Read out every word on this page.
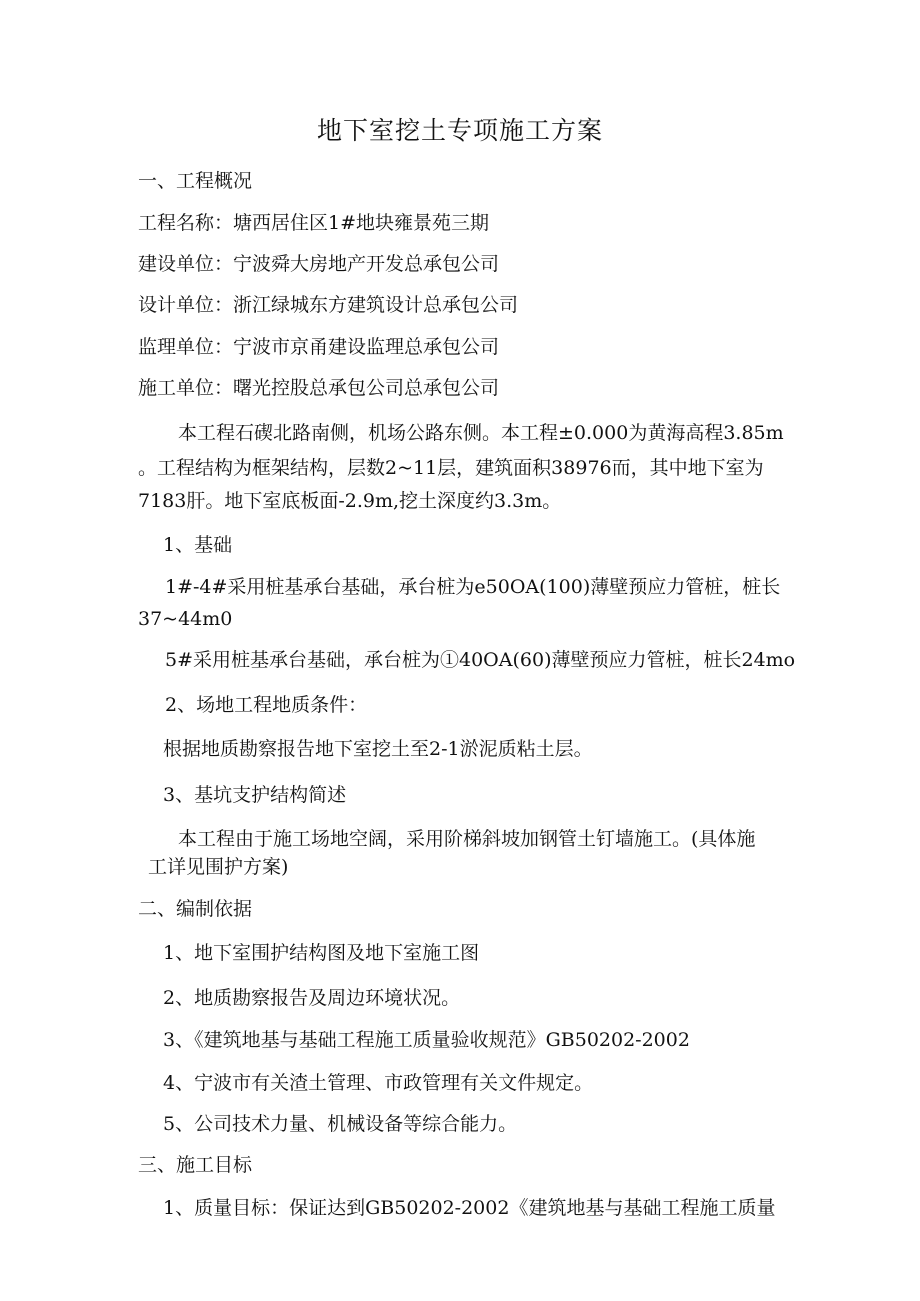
地下室挖土专项施工方案
一、工程概况
工程名称：塘西居住区1#地块雍景苑三期
建设单位：宁波舜大房地产开发总承包公司
设计单位：浙江绿城东方建筑设计总承包公司
监理单位：宁波市京甬建设监理总承包公司
施工单位：曙光控股总承包公司总承包公司
本工程石碶北路南侧，机场公路东侧。本工程±0.000为黄海高程3.85m
。工程结构为框架结构，层数2~11层，建筑面积38976而，其中地下室为
7183肝。地下室底板面-2.9m,挖土深度约3.3m。
1、基础
1#-4#采用桩基承台基础，承台桩为e50OA(100)薄壁预应力管桩，桩长
37~44m0
5#采用桩基承台基础，承台桩为①40OA(60)薄壁预应力管桩，桩长24mo
2、场地工程地质条件：
根据地质勘察报告地下室挖土至2-1淤泥质粘土层。
3、基坑支护结构简述
本工程由于施工场地空阔，采用阶梯斜坡加钢管土钉墙施工。(具体施
工详见围护方案)
二、编制依据
1、地下室围护结构图及地下室施工图
2、地质勘察报告及周边环境状况。
3、《建筑地基与基础工程施工质量验收规范》GB50202-2002
4、宁波市有关渣土管理、市政管理有关文件规定。
5、公司技术力量、机械设备等综合能力。
三、施工目标
1、质量目标：保证达到GB50202-2002《建筑地基与基础工程施工质量
